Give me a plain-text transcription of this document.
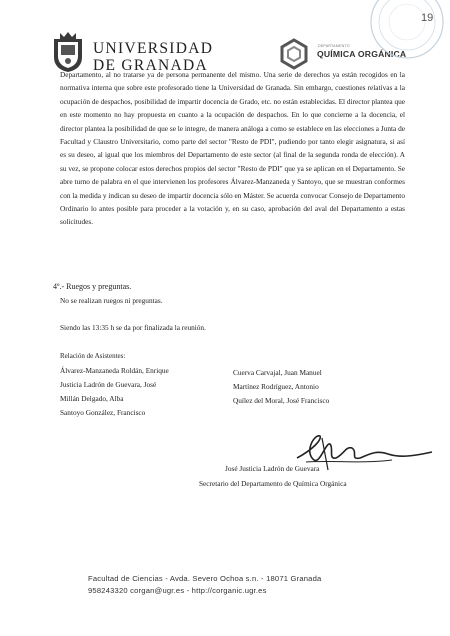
UNIVERSIDAD
DE GRANADA
DEPARTAMENTO
QUÍMICA ORGÁNICA
19
Departamento, al no tratarse ya de persona permanente del mismo. Una serie de derechos ya están recogidos en la normativa interna que sobre este profesorado tiene la Universidad de Granada. Sin embargo, cuestiones relativas a la ocupación de despachos, posibilidad de impartir docencia de Grado, etc. no están establecidas. El director plantea que en este momento no hay propuesta en cuanto a la ocupación de despachos. En lo que concierne a la docencia, el director plantea la posibilidad de que se le integre, de manera análoga a como se establece en las elecciones a Junta de Facultad y Claustro Universitario, como parte del sector "Resto de PDI", pudiendo por tanto elegir asignatura, si así es su deseo, al igual que los miembros del Departamento de este sector (al final de la segunda ronda de elección). A su vez, se propone colocar estos derechos propios del sector "Resto de PDI" que ya se aplican en el Departamento. Se abre turno de palabra en el que intervienen los profesores Álvarez-Manzaneda y Santoyo, que se muestran conformes con la medida y indican su deseo de impartir docencia sólo en Máster. Se acuerda convocar Consejo de Departamento Ordinario lo antes posible para proceder a la votación y, en su caso, aprobación del aval del Departamento a estas solicitudes.
4º.- Ruegos y preguntas.
No se realizan ruegos ni preguntas.
Siendo las 13:35 h se da por finalizada la reunión.
Relación de Asistentes:
Álvarez-Manzaneda Roldán, Enrique
Justicia Ladrón de Guevara, José
Millán Delgado, Alba
Santoyo González, Francisco
Cuerva Carvajal, Juan Manuel
Martínez Rodríguez, Antonio
Quílez del Moral, José Francisco
José Justicia Ladrón de Guevara
Secretario del Departamento de Química Orgánica
Facultad de Ciencias - Avda. Severo Ochoa s.n. - 18071 Granada
958243320 corgan@ugr.es - http://corganic.ugr.es
